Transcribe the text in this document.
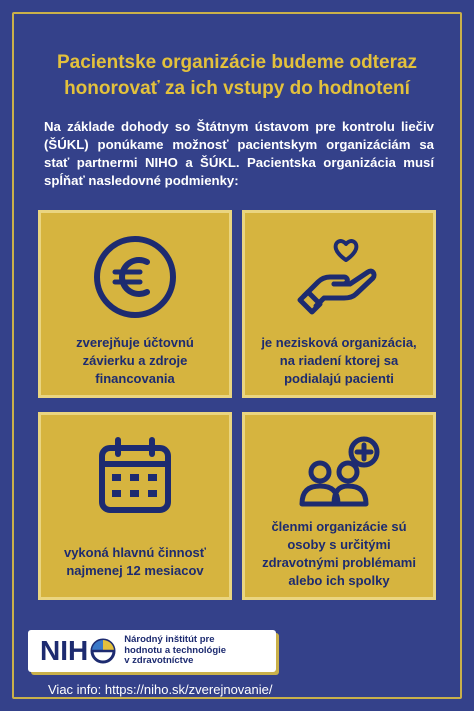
Pacientske organizácie budeme odteraz
honorovať za ich vstupy do hodnotení

Na základe dohody so Štátnym ústavom pre kontrolu liečiv (ŠÚKL) ponúkame možnosť pacientskym organizáciám sa stať partnermi NIHO a ŠÚKL. Pacientska organizácia musí spĺňať nasledovné podmienky:

zverejňuje účtovnú
závierku a zdroje
financovania
je nezisková organizácia,
na riadení ktorej sa
podialajú pacienti
vykoná hlavnú činnosť
najmenej 12 mesiacov
členmi organizácie sú
osoby s určitými
zdravotnými problémami
alebo ich spolky
NIH	Národný inštitút pre
hodnotu a technológie
v zdravotníctve
Viac info: https://niho.sk/zverejnovanie/
